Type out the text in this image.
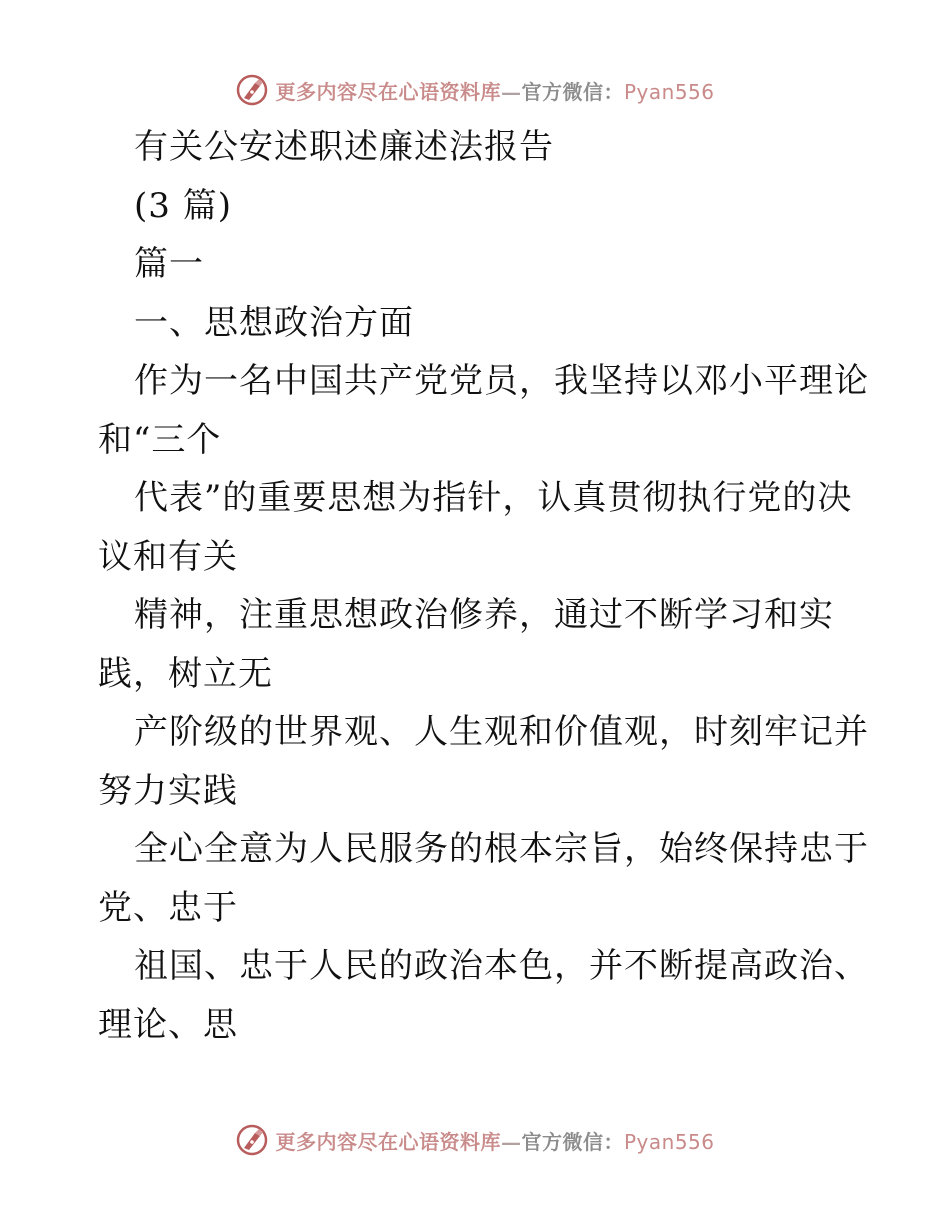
更多内容尽在心语资料库—官方微信：Pyan556
有关公安述职述廉述法报告
(3 篇)
篇一
一、思想政治方面
作为一名中国共产党党员，我坚持以邓小平理论
和“三个
代表”的重要思想为指针，认真贯彻执行党的决
议和有关
精神，注重思想政治修养，通过不断学习和实
践，树立无
产阶级的世界观、人生观和价值观，时刻牢记并
努力实践
全心全意为人民服务的根本宗旨，始终保持忠于
党、忠于
祖国、忠于人民的政治本色，并不断提高政治、
理论、思
更多内容尽在心语资料库—官方微信：Pyan556
